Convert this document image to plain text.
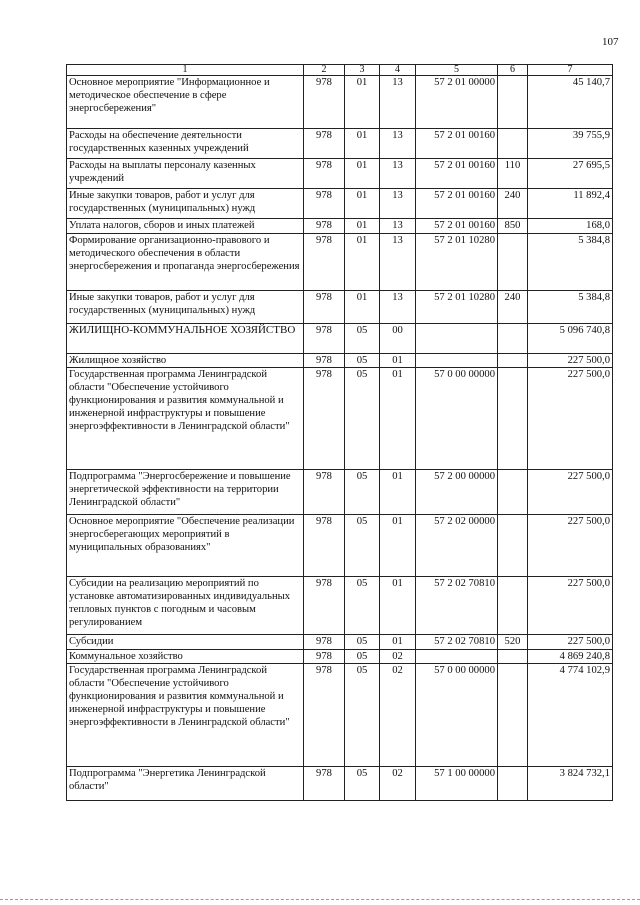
107
1	2	3	4	5	6	7
Основное мероприятие "Информационное и методическое обеспечение в сфере энергосбережения"	978	01	13	57 2 01 00000		45 140,7
Расходы на обеспечение деятельности государственных казенных учреждений	978	01	13	57 2 01 00160		39 755,9
Расходы на выплаты персоналу казенных учреждений	978	01	13	57 2 01 00160	110	27 695,5
Иные закупки товаров, работ и услуг для государственных (муниципальных) нужд	978	01	13	57 2 01 00160	240	11 892,4
Уплата налогов, сборов и иных платежей	978	01	13	57 2 01 00160	850	168,0
Формирование организационно-правового и методического обеспечения в области энергосбережения и пропаганда энергосбережения	978	01	13	57 2 01 10280		5 384,8
Иные закупки товаров, работ и услуг для государственных (муниципальных) нужд	978	01	13	57 2 01 10280	240	5 384,8
ЖИЛИЩНО-КОММУНАЛЬНОЕ ХОЗЯЙСТВО	978	05	00			5 096 740,8
Жилищное хозяйство	978	05	01			227 500,0
Государственная программа Ленинградской области "Обеспечение устойчивого функционирования и развития коммунальной и инженерной инфраструктуры и повышение энергоэффективности в Ленинградской области"	978	05	01	57 0 00 00000		227 500,0
Подпрограмма "Энергосбережение и повышение энергетической эффективности на территории Ленинградской области"	978	05	01	57 2 00 00000		227 500,0
Основное мероприятие "Обеспечение реализации энергосберегающих мероприятий в муниципальных образованиях"	978	05	01	57 2 02 00000		227 500,0
Субсидии на реализацию мероприятий по установке автоматизированных индивидуальных тепловых пунктов с погодным и часовым регулированием	978	05	01	57 2 02 70810		227 500,0
Субсидии	978	05	01	57 2 02 70810	520	227 500,0
Коммунальное хозяйство	978	05	02			4 869 240,8
Государственная программа Ленинградской области "Обеспечение устойчивого функционирования и развития коммунальной и инженерной инфраструктуры и повышение энергоэффективности в Ленинградской области"	978	05	02	57 0 00 00000		4 774 102,9
Подпрограмма "Энергетика Ленинградской области"	978	05	02	57 1 00 00000		3 824 732,1
